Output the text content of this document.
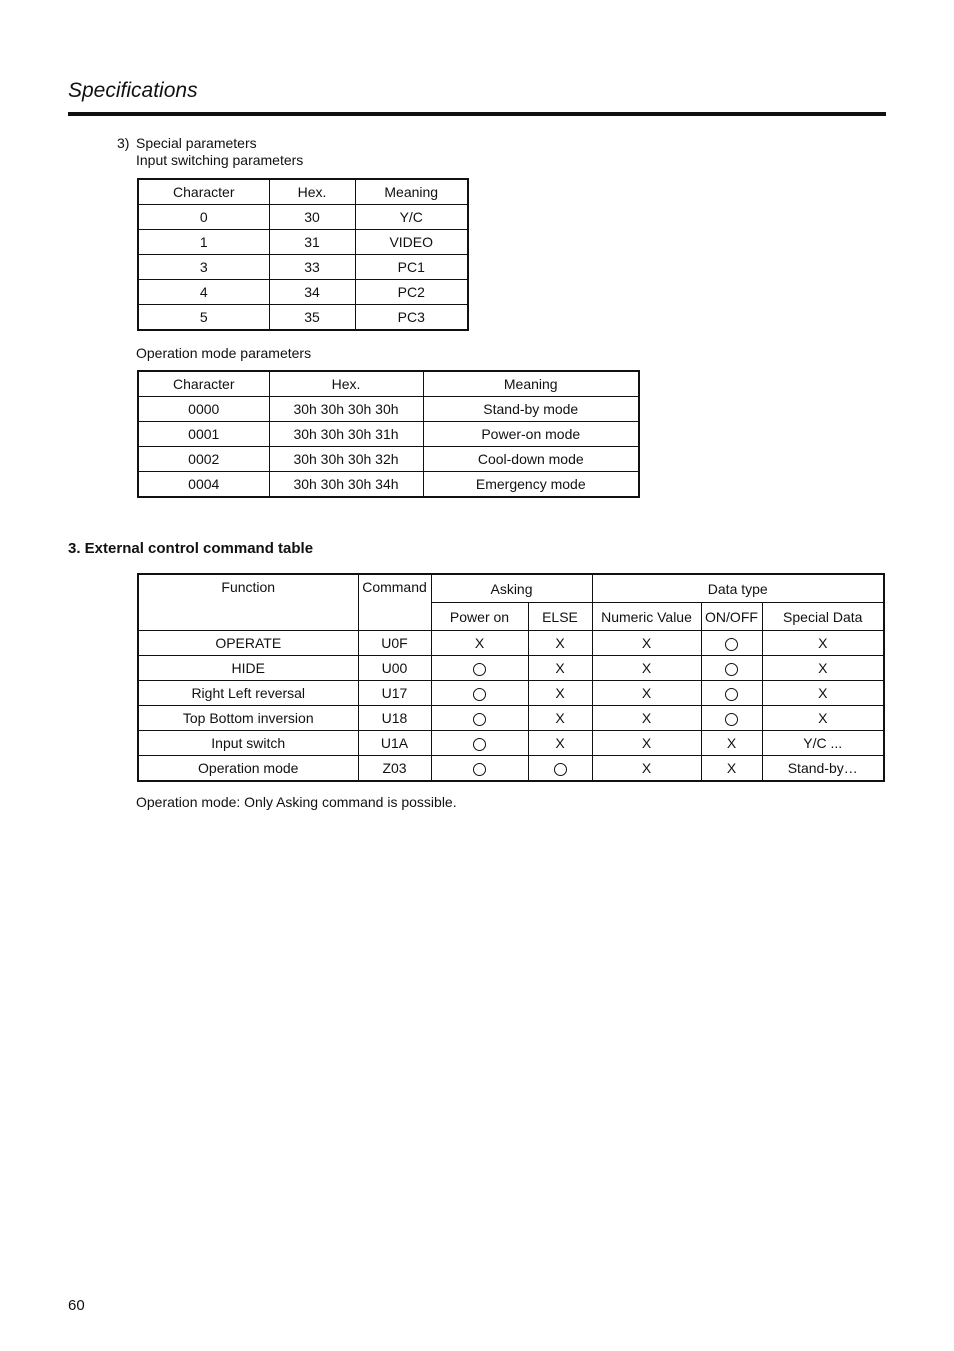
Specifications
3) Special parameters
Input switching parameters
Character	Hex.	Meaning
0	30	Y/C
1	31	VIDEO
3	33	PC1
4	34	PC2
5	35	PC3
Operation mode parameters
Character	Hex.	Meaning
0000	30h 30h 30h 30h	Stand-by mode
0001	30h 30h 30h 31h	Power-on mode
0002	30h 30h 30h 32h	Cool-down mode
0004	30h 30h 30h 34h	Emergency mode
3. External control command table
Function	Command	Asking		Data type		
		Power on	ELSE	Numeric Value	ON/OFF	Special Data
OPERATE	U0F	X	X	X		X
HIDE	U00		X	X		X
Right Left reversal	U17		X	X		X
Top Bottom inversion	U18		X	X		X
Input switch	U1A		X	X	X	Y/C ...
Operation mode	Z03			X	X	Stand-by…
Operation mode: Only Asking command is possible.
60
